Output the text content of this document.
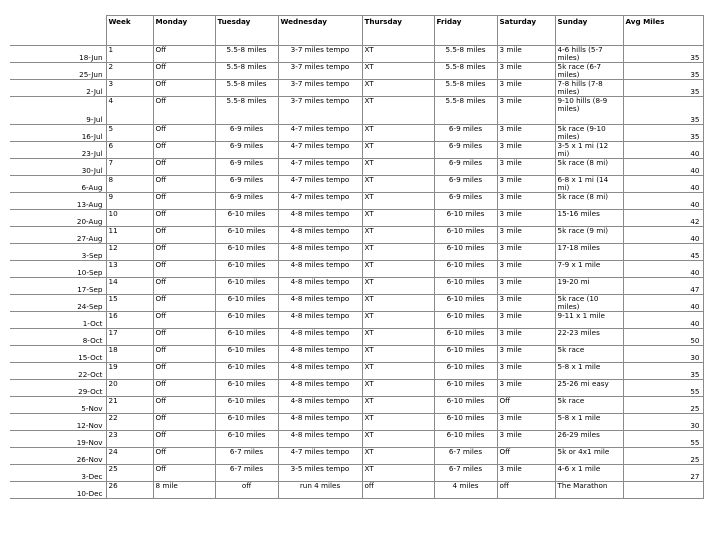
	Week	Monday	Tuesday	Wednesday	Thursday	Friday	Saturday	Sunday	Avg Miles
18-Jun	1	Off	5.5-8 miles	3-7 miles tempo	XT	5.5-8 miles	3 mile	4-6 hills (5-7 miles)	35
25-Jun	2	Off	5.5-8 miles	3-7 miles tempo	XT	5.5-8 miles	3 mile	5k race (6-7 miles)	35
2-Jul	3	Off	5.5-8 miles	3-7 miles tempo	XT	5.5-8 miles	3 mile	7-8 hills (7-8 miles)	35
9-Jul	4	Off	5.5-8 miles	3-7 miles tempo	XT	5.5-8 miles	3 mile	9-10 hills (8-9 miles)	35
16-Jul	5	Off	6-9 miles	4-7 miles tempo	XT	6-9 miles	3 mile	5k race (9-10 miles)	35
23-Jul	6	Off	6-9 miles	4-7 miles tempo	XT	6-9 miles	3 mile	3-5 x 1 mi (12 mi)	40
30-Jul	7	Off	6-9 miles	4-7 miles tempo	XT	6-9 miles	3 mile	5k race (8 mi)	40
6-Aug	8	Off	6-9 miles	4-7 miles tempo	XT	6-9 miles	3 mile	6-8 x 1 mi (14 mi)	40
13-Aug	9	Off	6-9 miles	4-7 miles tempo	XT	6-9 miles	3 mile	5k race (8 mi)	40
20-Aug	10	Off	6-10 miles	4-8 miles tempo	XT	6-10 miles	3 mile	15-16 miles	42
27-Aug	11	Off	6-10 miles	4-8 miles tempo	XT	6-10 miles	3 mile	5k race (9 mi)	40
3-Sep	12	Off	6-10 miles	4-8 miles tempo	XT	6-10 miles	3 mile	17-18 miles	45
10-Sep	13	Off	6-10 miles	4-8 miles tempo	XT	6-10 miles	3 mile	7-9 x 1 mile	40
17-Sep	14	Off	6-10 miles	4-8 miles tempo	XT	6-10 miles	3 mile	19-20 mi	47
24-Sep	15	Off	6-10 miles	4-8 miles tempo	XT	6-10 miles	3 mile	5k race (10 miles)	40
1-Oct	16	Off	6-10 miles	4-8 miles tempo	XT	6-10 miles	3 mile	9-11 x 1 mile	40
8-Oct	17	Off	6-10 miles	4-8 miles tempo	XT	6-10 miles	3 mile	22-23 miles	50
15-Oct	18	Off	6-10 miles	4-8 miles tempo	XT	6-10 miles	3 mile	5k race	30
22-Oct	19	Off	6-10 miles	4-8 miles tempo	XT	6-10 miles	3 mile	5-8 x 1 mile	35
29-Oct	20	Off	6-10 miles	4-8 miles tempo	XT	6-10 miles	3 mile	25-26 mi easy	55
5-Nov	21	Off	6-10 miles	4-8 miles tempo	XT	6-10 miles	Off	5k race	25
12-Nov	22	Off	6-10 miles	4-8 miles tempo	XT	6-10 miles	3 mile	5-8 x 1 mile	30
19-Nov	23	Off	6-10 miles	4-8 miles tempo	XT	6-10 miles	3 mile	26-29 miles	55
26-Nov	24	Off	6-7 miles	4-7 miles tempo	XT	6-7 miles	Off	5k or 4x1 mile	25
3-Dec	25	Off	6-7 miles	3-5 miles tempo	XT	6-7 miles	3 mile	4-6 x 1 mile	27
10-Dec	26	8 mile	off	run 4 miles	off	4 miles	off	The Marathon	
